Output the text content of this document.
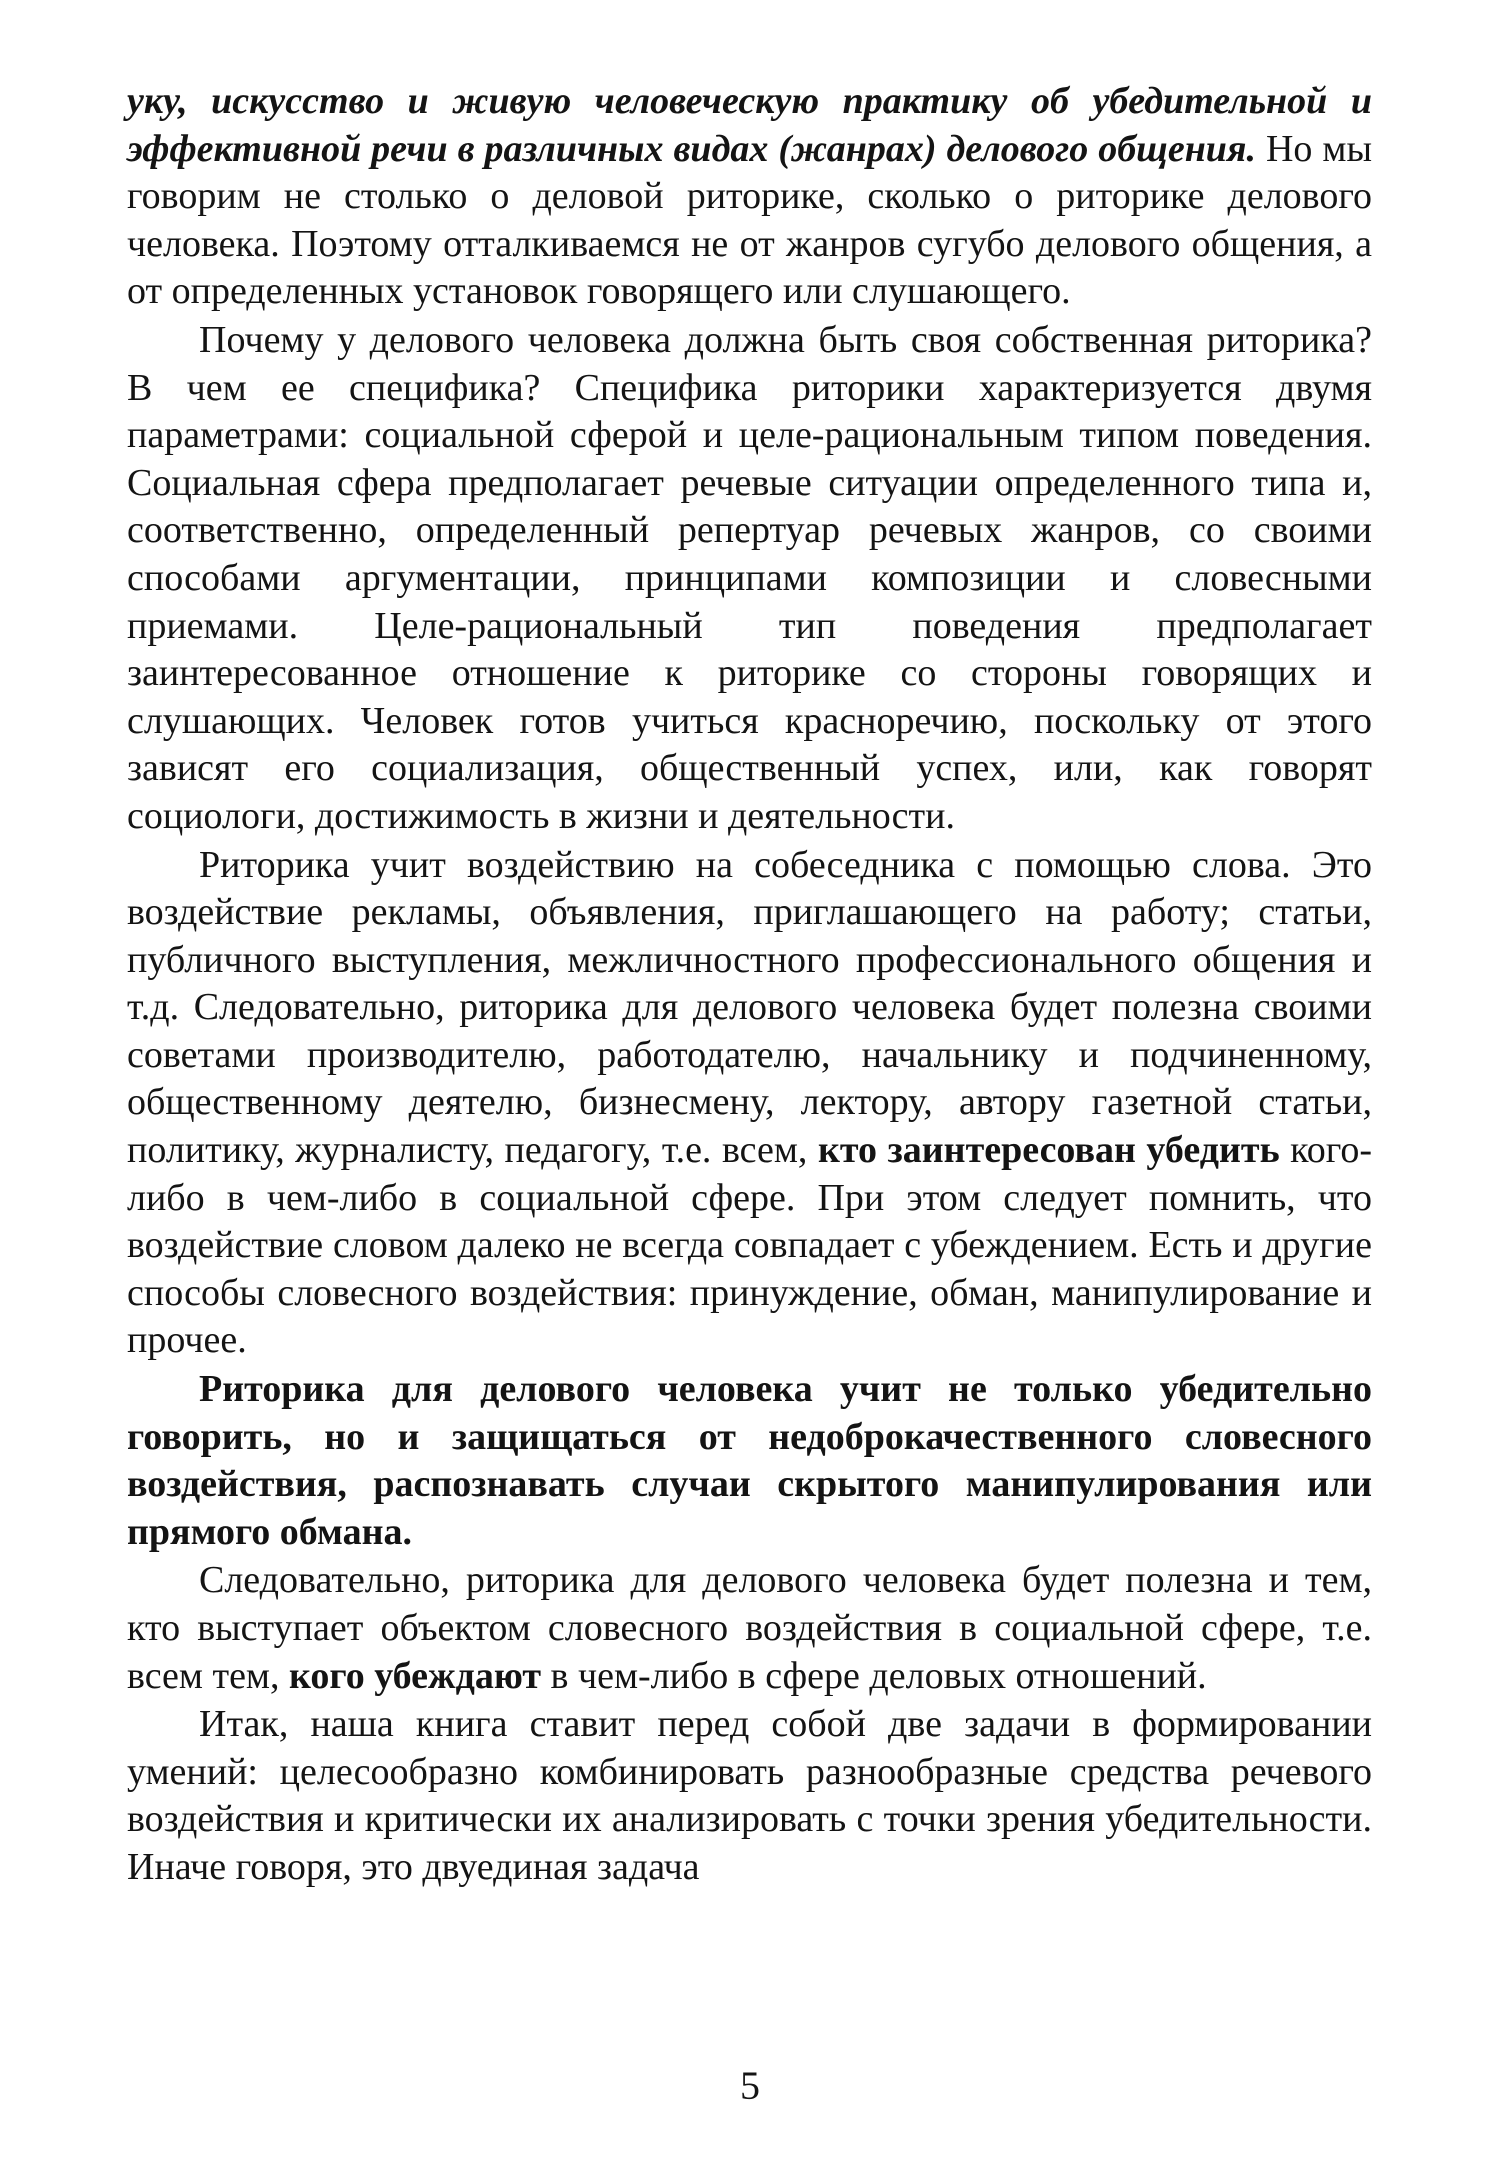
уку, искусство и живую человеческую практику об убедительной и эффективной речи в различных видах (жанрах) делового общения. Но мы говорим не столько о деловой риторике, сколько о риторике делового человека. Поэтому отталкиваемся не от жанров сугубо делового общения, а от определенных установок говорящего или слушающего.

Почему у делового человека должна быть своя собственная риторика? В чем ее специфика? Специфика риторики характеризуется двумя параметрами: социальной сферой и целе-рациональным типом поведения. Социальная сфера предполагает речевые ситуации определенного типа и, соответственно, определенный репертуар речевых жанров, со своими способами аргументации, принципами композиции и словесными приемами. Целе-рациональный тип поведения предполагает заинтересованное отношение к риторике со стороны говорящих и слушающих. Человек готов учиться красноречию, поскольку от этого зависят его социализация, общественный успех, или, как говорят социологи, достижимость в жизни и деятельности.

Риторика учит воздействию на собеседника с помощью слова. Это воздействие рекламы, объявления, приглашающего на работу; статьи, публичного выступления, межличностного профессионального общения и т.д. Следовательно, риторика для делового человека будет полезна своими советами производителю, работодателю, начальнику и подчиненному, общественному деятелю, бизнесмену, лектору, автору газетной статьи, политику, журналисту, педагогу, т.е. всем, кто заинтересован убедить кого-либо в чем-либо в социальной сфере. При этом следует помнить, что воздействие словом далеко не всегда совпадает с убеждением. Есть и другие способы словесного воздействия: принуждение, обман, манипулирование и прочее.

Риторика для делового человека учит не только убедительно говорить, но и защищаться от недоброкачественного словесного воздействия, распознавать случаи скрытого манипулирования или прямого обмана.

Следовательно, риторика для делового человека будет полезна и тем, кто выступает объектом словесного воздействия в социальной сфере, т.е. всем тем, кого убеждают в чем-либо в сфере деловых отношений.

Итак, наша книга ставит перед собой две задачи в формировании умений: целесообразно комбинировать разнообразные средства речевого воздействия и критически их анализировать с точки зрения убедительности. Иначе говоря, это двуединая задача

5
